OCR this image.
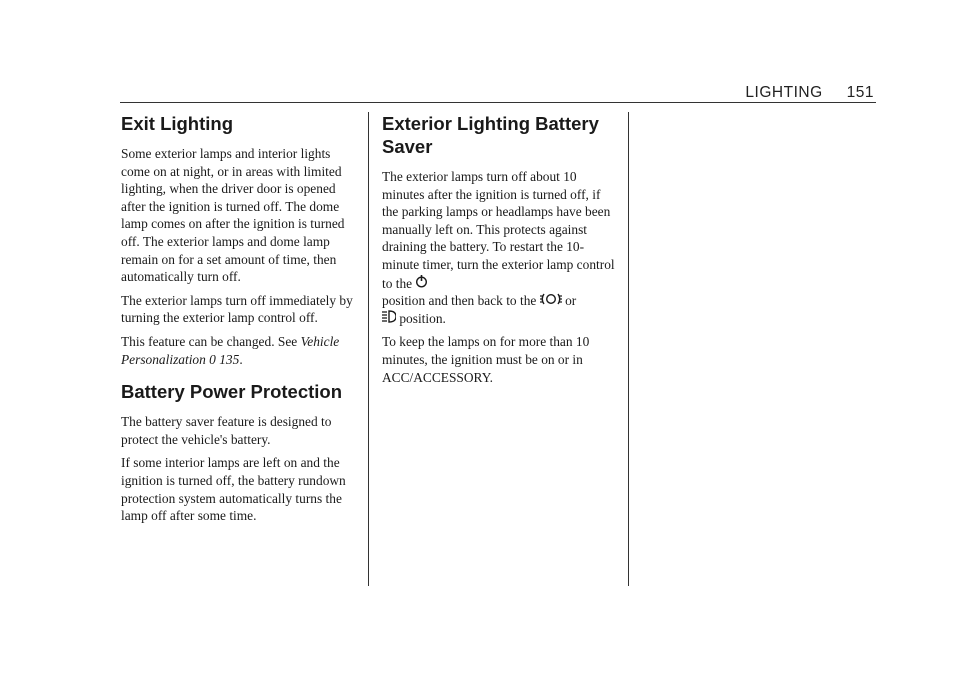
LIGHTING 151
Exit Lighting

Some exterior lamps and interior lights come on at night, or in areas with limited lighting, when the driver door is opened after the ignition is turned off. The dome lamp comes on after the ignition is turned off. The exterior lamps and dome lamp remain on for a set amount of time, then automatically turn off.

The exterior lamps turn off immediately by turning the exterior lamp control off.

This feature can be changed. See Vehicle Personalization 0 135.

Battery Power Protection

The battery saver feature is designed to protect the vehicle's battery.

If some interior lamps are left on and the ignition is turned off, the battery rundown protection system automatically turns the lamp off after some time.

Exterior Lighting Battery
Saver

The exterior lamps turn off about 10 minutes after the ignition is turned off, if the parking lamps or headlamps have been manually left on. This protects against draining the battery. To restart the 10-minute timer, turn the exterior lamp control to the

position and then back to the or

position.

To keep the lamps on for more than 10 minutes, the ignition must be on or in ACC/ACCESSORY.
